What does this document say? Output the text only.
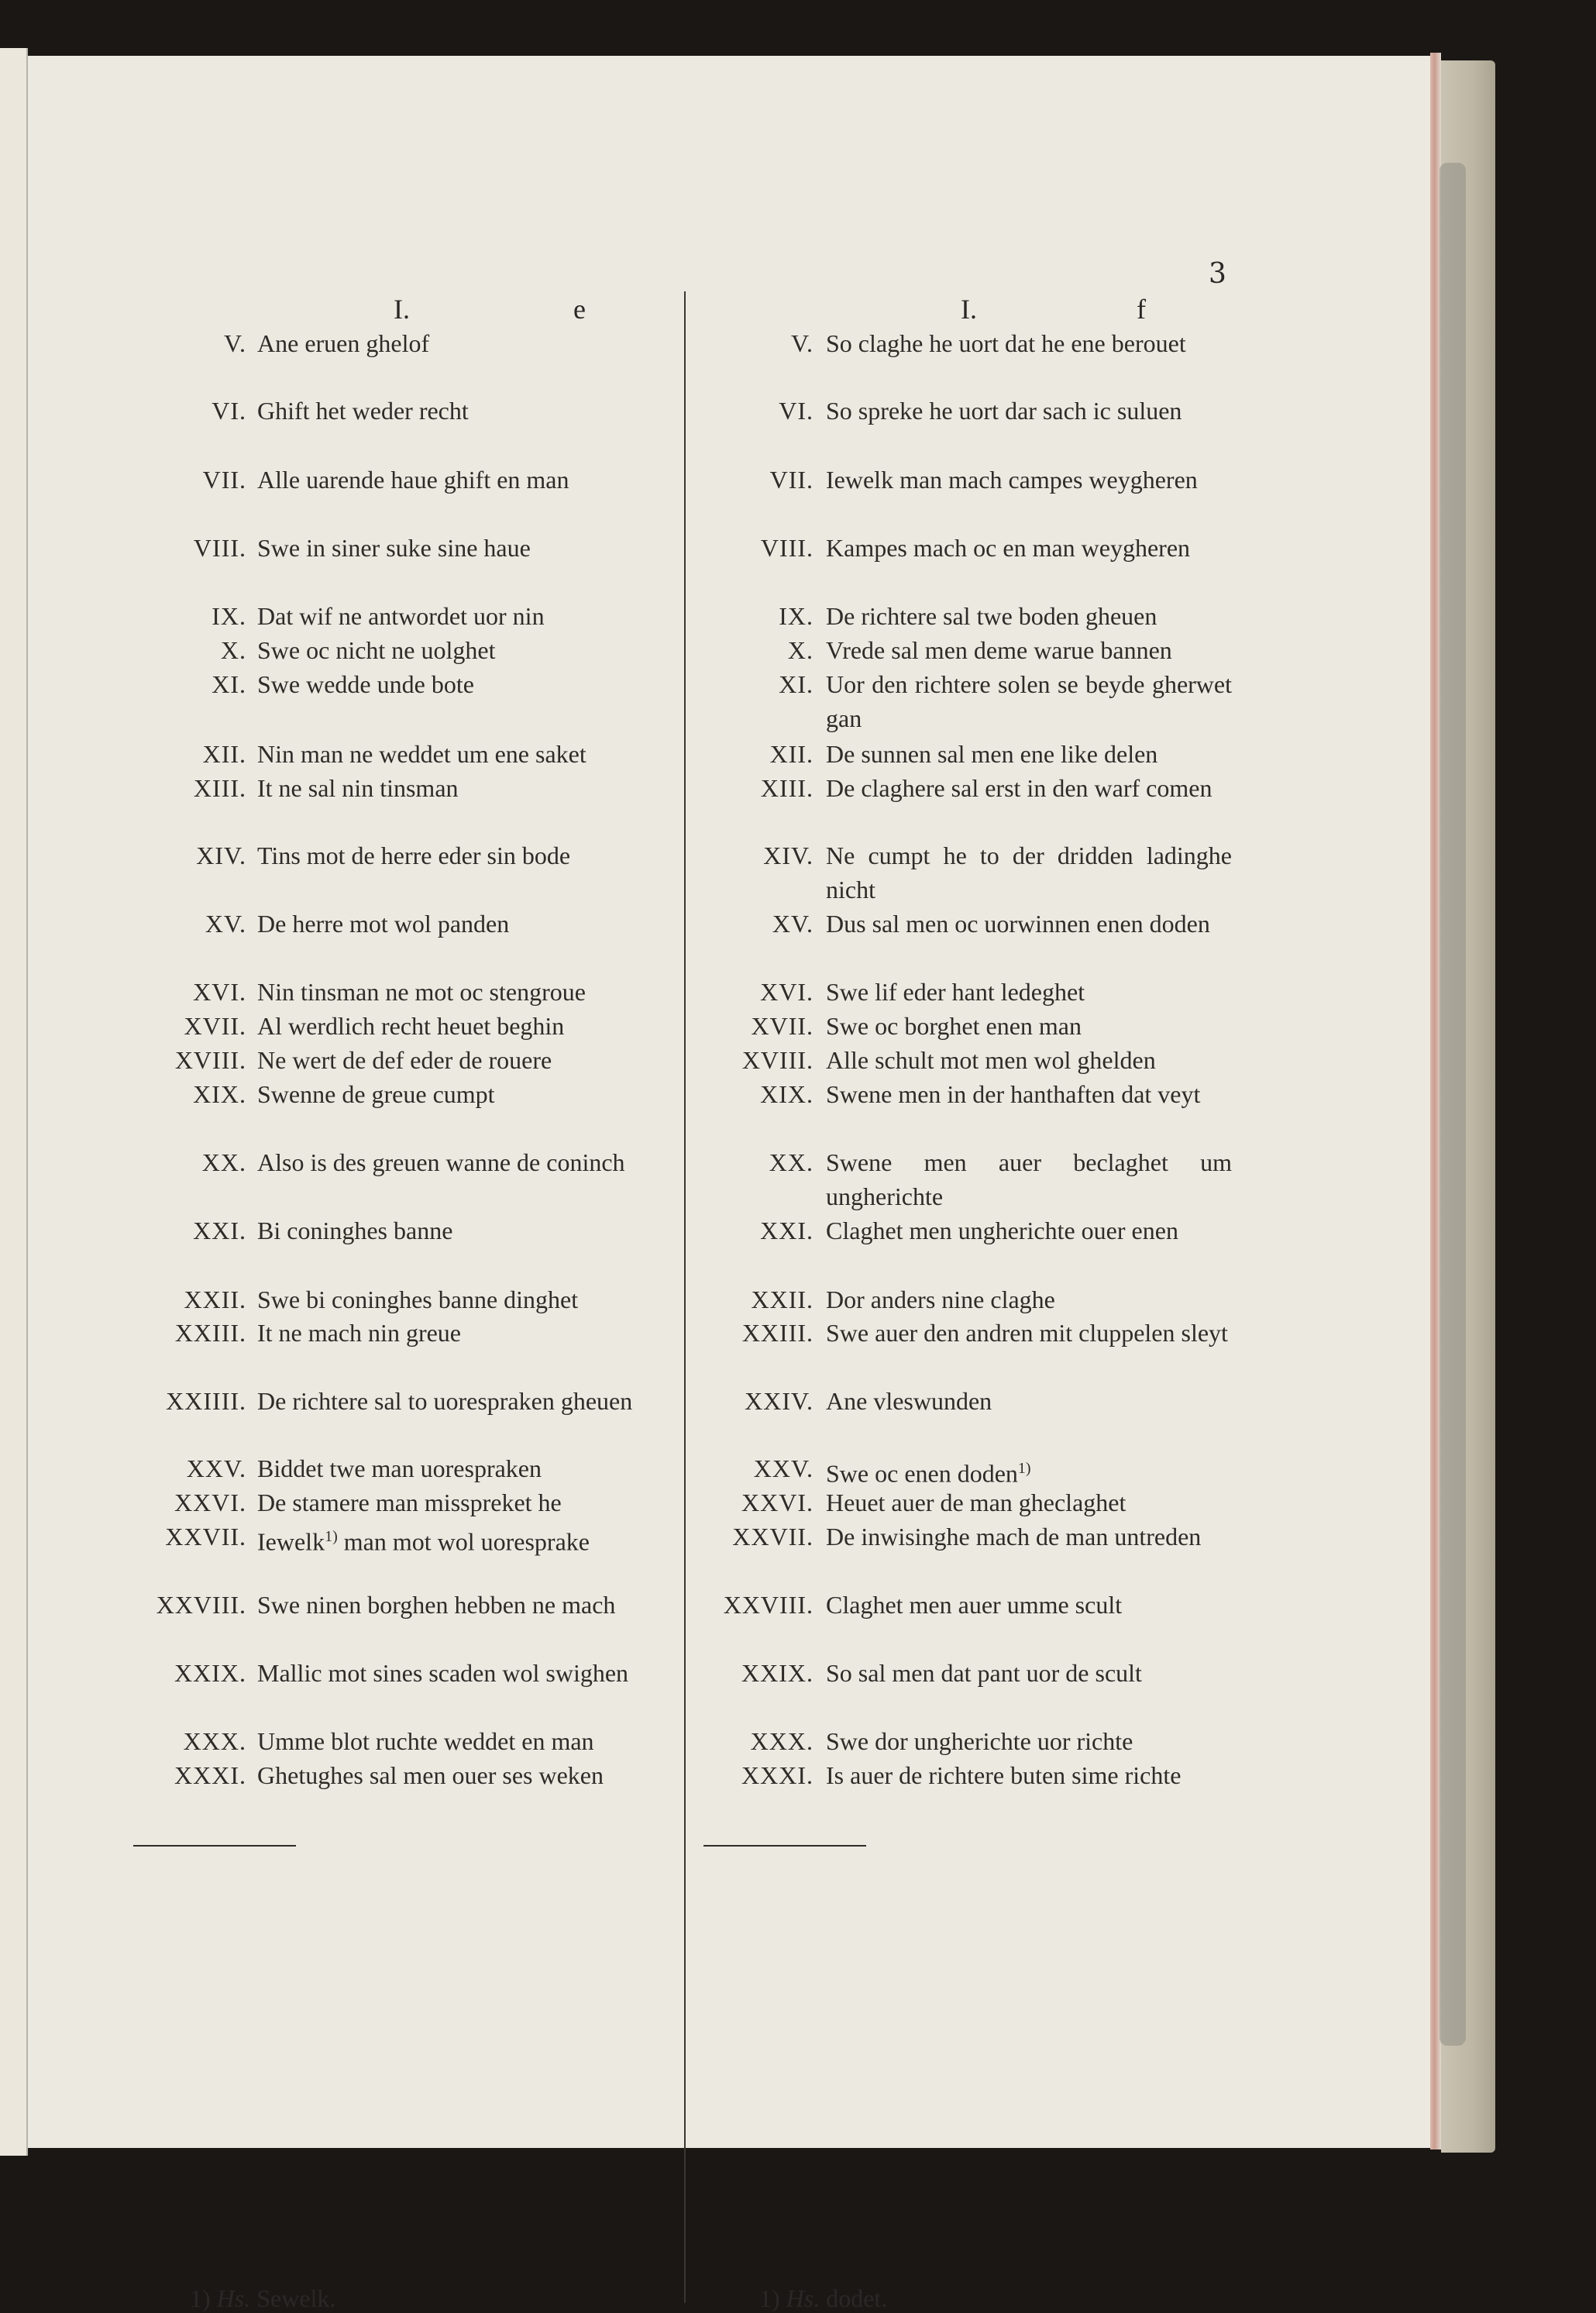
3
I.	e	I.	f
V. Ane eruen ghelof
VI. Ghift het weder recht
VII. Alle uarende haue ghift en man
VIII. Swe in siner suke sine haue
IX. Dat wif ne antwordet uor nin
X. Swe oc nicht ne uolghet
XI. Swe wedde unde bote
XII. Nin man ne weddet um ene saket
XIII. It ne sal nin tinsman
XIV. Tins mot de herre eder sin bode
XV. De herre mot wol panden
XVI. Nin tinsman ne mot oc stengroue
XVII. Al werdlich recht heuet beghin
XVIII. Ne wert de def eder de rouere
XIX. Swenne de greue cumpt
XX. Also is des greuen wanne de coninch
XXI. Bi coninghes banne
XXII. Swe bi coninghes banne dinghet
XXIII. It ne mach nin greue
XXIIII. De richtere sal to uorespraken gheuen
XXV. Biddet twe man uorespraken
XXVI. De stamere man misspreket he
XXVII. Iewelk$^{1)}$ man mot wol uoresprake
XXVIII. Swe ninen borghen hebben ne mach
XXIX. Mallic mot sines scaden wol swighen
XXX. Umme blot ruchte weddet en man
XXXI. Ghetughes sal men ouer ses weken
V. So claghe he uort dat he ene berouet
VI. So spreke he uort dar sach ic suluen
VII. Iewelk man mach campes weygheren
VIII. Kampes mach oc en man weygheren
IX. De richtere sal twe boden gheuen
X. Vrede sal men deme warue bannen
XI. Uor den richtere solen se beyde gherwet gan
XII. De sunnen sal men ene like delen
XIII. De claghere sal erst in den warf comen
XIV. Ne cumpt he to der dridden ladinghe nicht
XV. Dus sal men oc uorwinnen enen doden
XVI. Swe lif eder hant ledeghet
XVII. Swe oc borghet enen man
XVIII. Alle schult mot men wol ghelden
XIX. Swene men in der hanthaften dat veyt
XX. Swene men auer beclaghet um ungherichte
XXI. Claghet men ungherichte ouer enen
XXII. Dor anders nine claghe
XXIII. Swe auer den andren mit cluppelen sleyt
XXIV. Ane vleswunden
XXV. Swe oc enen doden$^{1)}$
XXVI. Heuet auer de man gheclaghet
XXVII. De inwisinghe mach de man untreden
XXVIII. Claghet men auer umme scult
XXIX. So sal men dat pant uor de scult
XXX. Swe dor ungherichte uor richte
XXXI. Is auer de richtere buten sime richte
1) Hs. Sewelk.	1) Hs. dodet.
